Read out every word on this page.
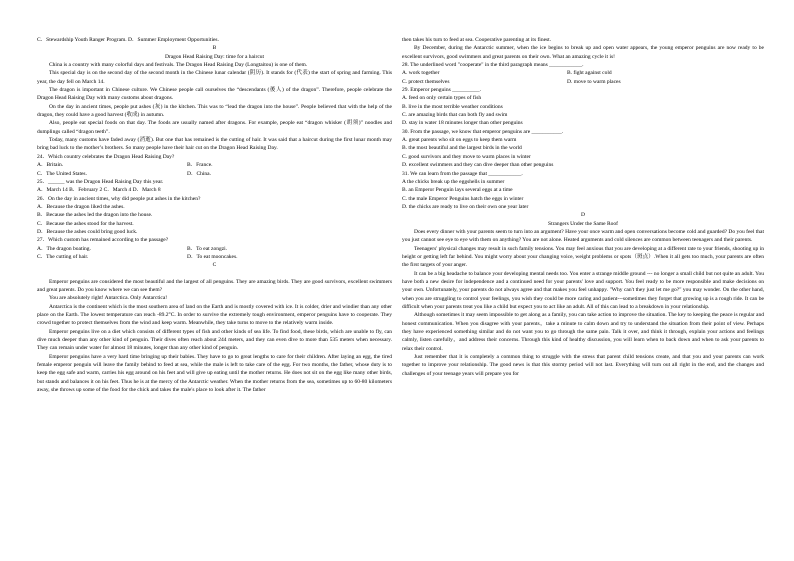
C．Stewardship Youth Ranger Program. D．Summer Employment Opportunities.

B

Dragon Head Raising Day: time for a haircut

China is a country with many colorful days and festivals. The Dragon Head Raising Day (Longtaitou) is one of them.

This special day is on the second day of the second month in the Chinese lunar calendar (阴历). It stands for (代表) the start of spring and farming. This year, the day fell on March 14.

The dragon is important in Chinese culture. We Chinese people call ourselves the “descendants (後人) of the dragon”. Therefore, people celebrate the Dragon Head Raising Day with many customs about dragons.

On the day in ancient times, people put ashes (灰) in the kitchen. This was to “lead the dragon into the house”. People believed that with the help of the dragon, they could have a good harvest (收成) in autumn.

Also, people eat special foods on that day. The foods are usually named after dragons. For example, people eat “dragon whisker (胡须)” noodles and dumplings called “dragon teeth”.

Today, many customs have faded away (消逝). But one that has remained is the cutting of hair. It was said that a haircut during the first lunar month may bring bad luck to the mother’s brothers. So many people have their hair cut on the Dragon Head Raising Day.

24．Which country celebrates the Dragon Head Raising Day?

A．Britain.	B．France.
C．The United States.	D．China.

25．______ was the Dragon Head Raising Day this year.

A．March 14 B．February 2 C．March 4 D．March 8

26．On the day in ancient times, why did people put ashes in the kitchen?

A．Because the dragon liked the ashes.

B．Because the ashes led the dragon into the house.

C．Because the ashes stood for the harvest.

D．Because the ashes could bring good luck.

27．Which custom has remained according to the passage?

A．The dragon boating.	B．To eat zongzi.
C．The cutting of hair.	D．To eat mooncakes.

C

Emperor penguins are considered the most beautiful and the largest of all penguins. They are amazing birds. They are good survivors, excellent swimmers and great parents. Do you know where we can see them?

You are absolutely right! Antarctica. Only Antarctica!

Antarctica is the continent which is the most southern area of land on the Earth and is mostly covered with ice. It is colder, drier and windier than any other place on the Earth. The lowest temperature can reach -89.2°C. In order to survive the extremely tough environment, emperor penguins have to cooperate. They crowd together to protect themselves from the wind and keep warm. Meanwhile, they take turns to move to the relatively warm inside.

Emperor penguins live on a diet which consists of different types of fish and other kinds of sea life. To find food, these birds, which are unable to fly, can dive much deeper than any other kind of penguin. Their dives often reach about 244 meters, and they can even dive to more than 535 meters when necessary. They can remain under water for almost 18 minutes, longer than any other kind of penguin.

Emperor penguins have a very hard time bringing up their babies. They have to go to great lengths to care for their children. After laying an egg, the tired female emperor penguin will leave the family behind to feed at sea, while the male is left to take care of the egg. For two months, the father, whose duty is to keep the egg safe and warm, carries his egg around on his feet and will give up eating until the mother returns. He does not sit on the egg like many other birds, but stands and balances it on his feet. Thus he is at the mercy of the Antarctic weather. When the mother returns from the sea, sometimes up to 60-80 kilometers away, she throws up some of the food for the chick and takes the male's place to look after it. The father

then takes his turn to feed at sea. Cooperative parenting at its finest.

By December, during the Antarctic summer, when the ice begins to break up and open water appears, the young emperor penguins are now ready to be excellent survivors, good swimmers and great parents on their own. What an amazing cycle it is!

28. The underlined word "cooperate" in the third paragraph means ____________.

A. work together	B. fight against cold
C. protect themselves	D. move to warm places

29. Emperor penguins __________.

A. feed on only certain types of fish

B. live in the most terrible weather conditions

C. are amazing birds that can both fly and swim

D. stay in water 18 minutes longer than other penguins

30. From the passage, we know that emperor penguins are ___________.

A. great parents who sit on eggs to keep them warm

B. the most beautiful and the largest birds in the world

C. good survivors and they move to warm places in winter

D. excellent swimmers and they can dive deeper than other penguins

31. We can learn from the passage that ____________.

A the chicks break up the eggshells in summer

B. an Emperor Penguin lays several eggs at a time

C. the male Emperor Penguins hatch the eggs in winter

D. the chicks are ready to live on their own one year later

D

Strangers Under the Same Roof

Does every dinner with your parents seem to turn into an argument? Have your once warm and open conversations become cold and guarded? Do you feel that you just cannot see eye to eye with them on anything? You are not alone. Heated arguments and cold silences are common between teenagers and their parents.

Teenagers' physical changes may result in such family tensions. You may feel anxious that you are developing at a different rate to your friends, shooting up in height or getting left far behind. You might worry about your changing voice, weight problems or spots（斑点）.When it all gets too much, your parents are often the first targets of your anger.

It can be a big headache to balance your developing mental needs too. You enter a strange middle ground --- no longer a small child but not quite an adult. You have both a new desire for independence and a continued need for your parents' love and support. You feel ready to be more responsible and make decisions on your own. Unfortunately, your parents do not always agree and that makes you feel unhappy. "Why can't they just let me go?" you may wonder. On the other hand, when you are struggling to control your feelings, you wish they could be more caring and patient---sometimes they forget that growing up is a rough ride. It can be difficult when your parents treat you like a child but expect you to act like an adult. All of this can lead to a breakdown in your relationship.

Although sometimes it may seem impossible to get along as a family, you can take action to improve the situation. The key to keeping the peace is regular and honest communication. When you disagree with your parents，take a minute to calm down and try to understand the situation from their point of view. Perhaps they have experienced something similar and do not want you to go through the same pain. Talk it over, and think it through, explain your actions and feelings calmly, listen carefully，and address their concerns. Through this kind of healthy discussion, you will learn when to back down and when to ask your parents to relax their control.

Just remember that it is completely a common thing to struggle with the stress that parent child tensions create, and that you and your parents can work together to improve your relationship. The good news is that this stormy period will not last. Everything will turn out all right in the end, and the changes and challenges of your teenage years will prepare you for
